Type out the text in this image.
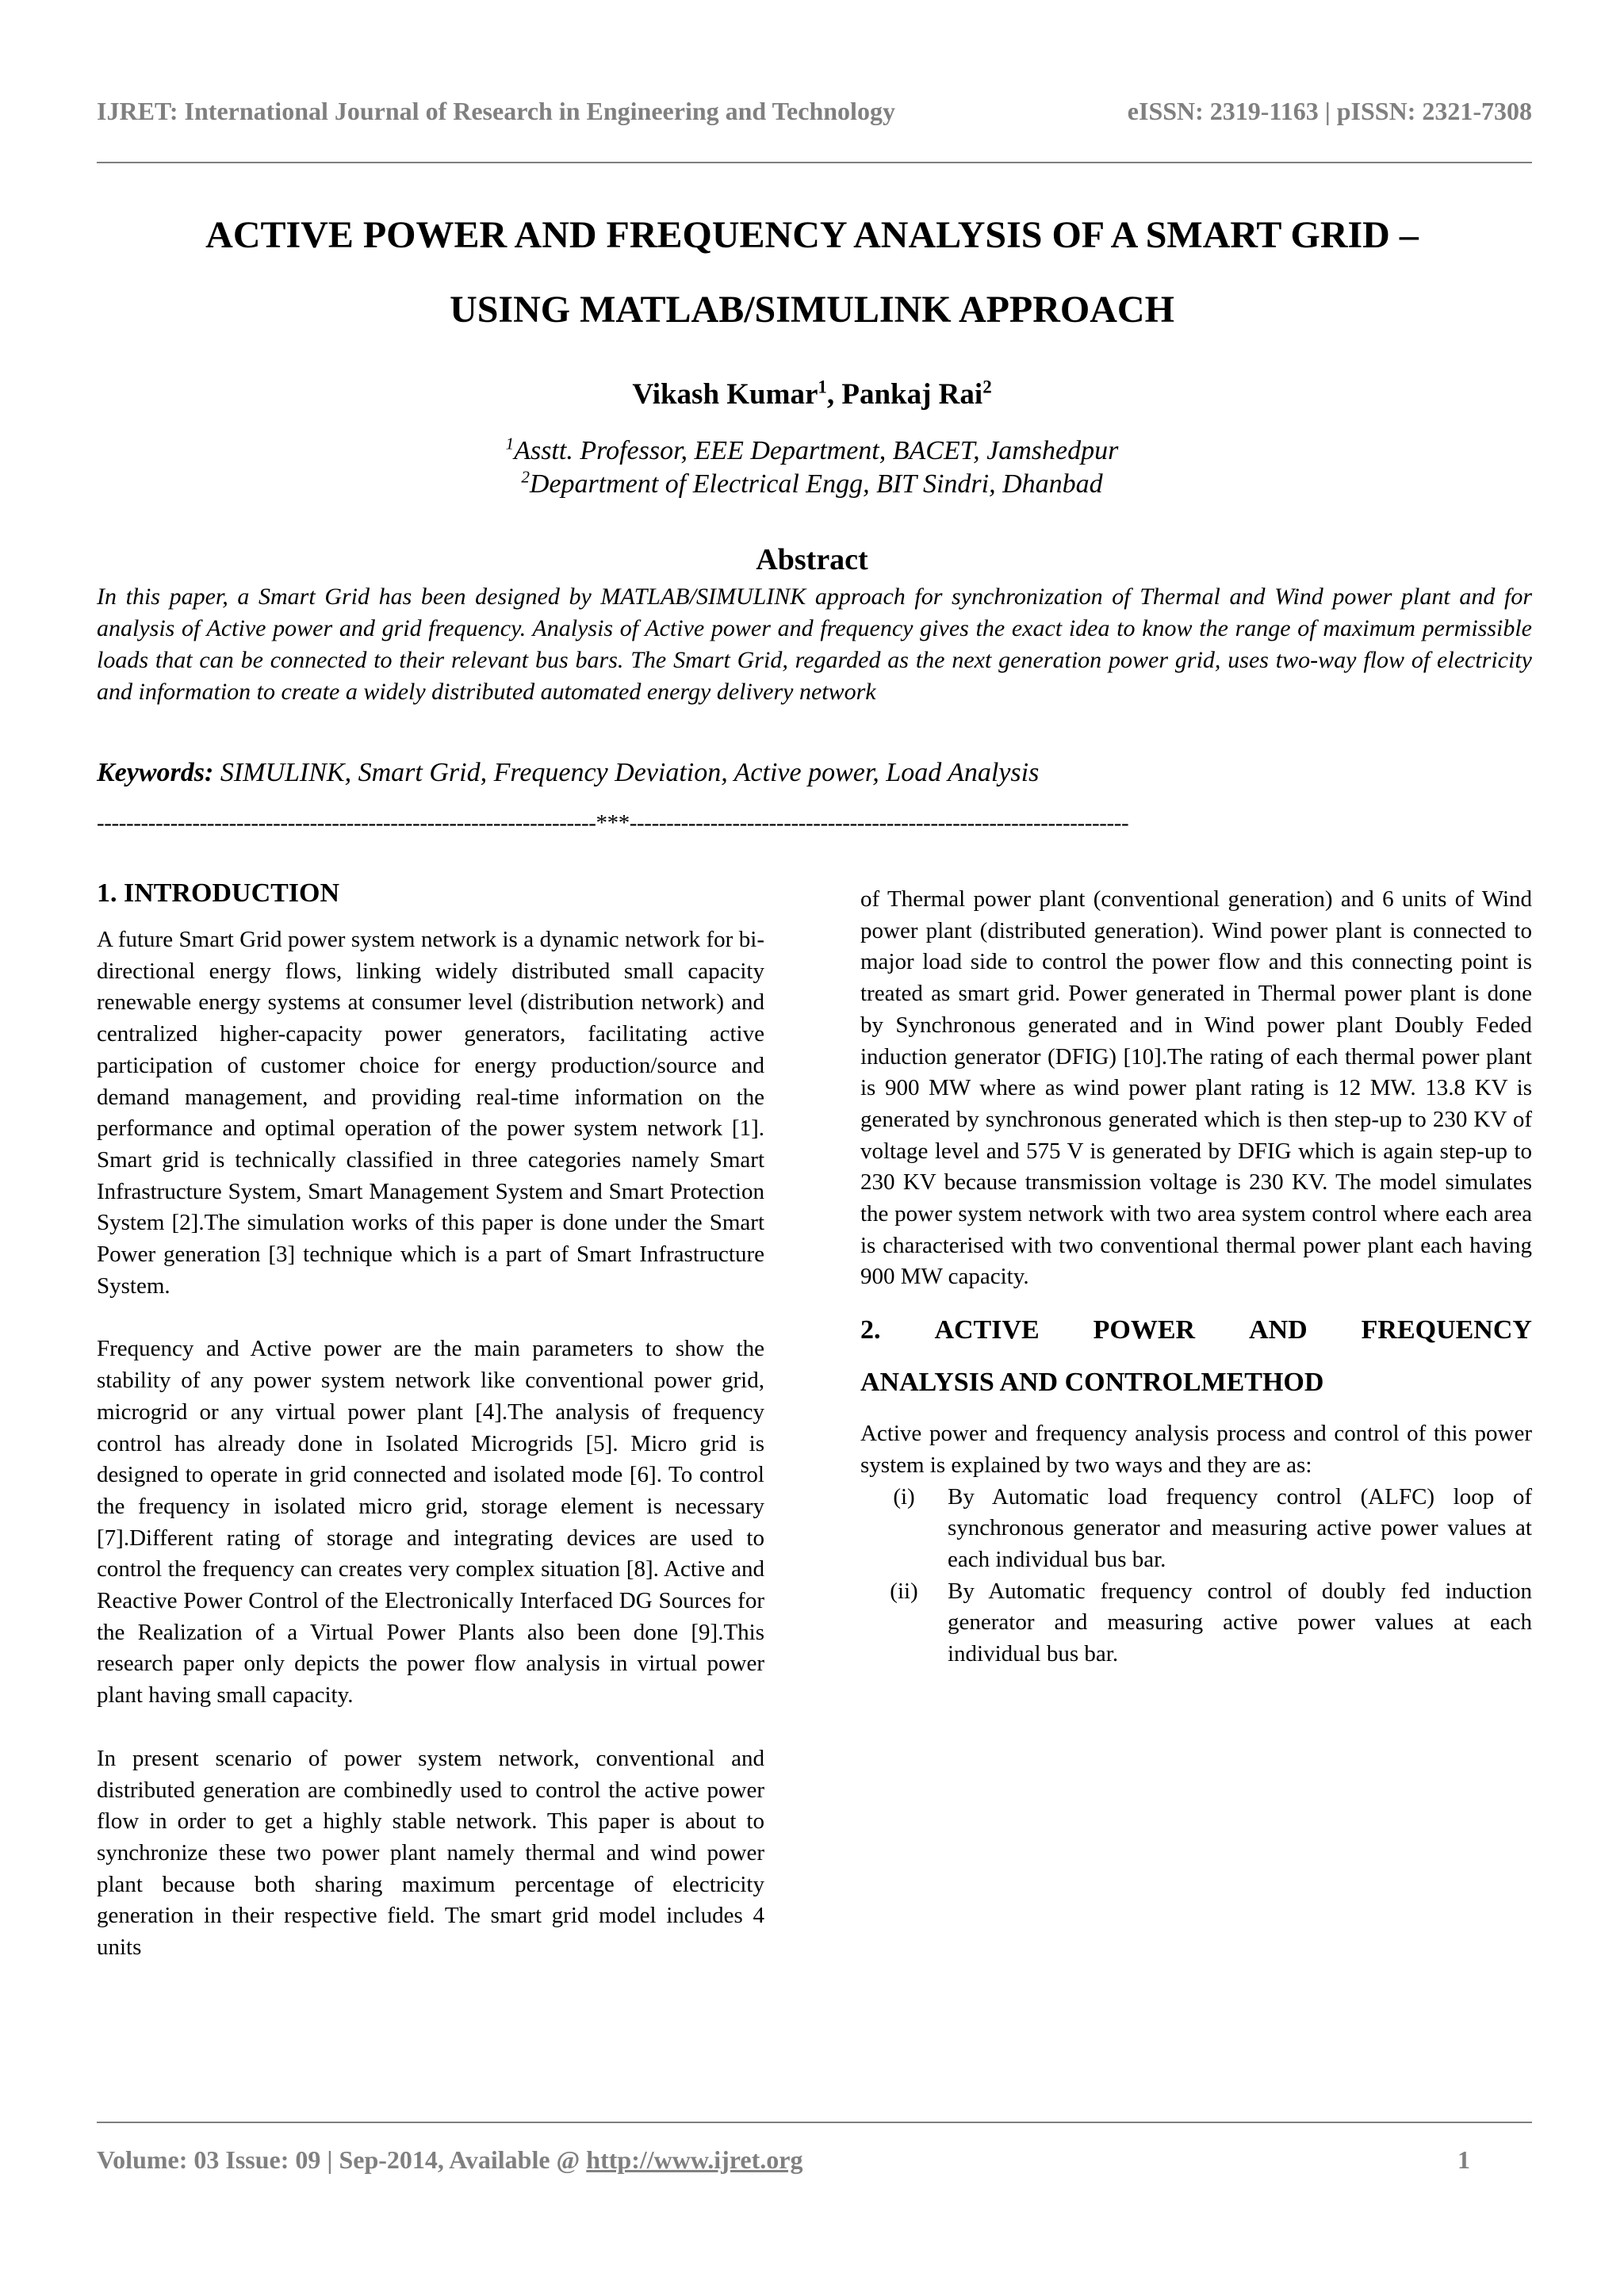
IJRET: International Journal of Research in Engineering and Technology	eISSN: 2319-1163 | pISSN: 2321-7308
ACTIVE POWER AND FREQUENCY ANALYSIS OF A SMART GRID –
USING MATLAB/SIMULINK APPROACH
Vikash Kumar$^1$, Pankaj Rai$^2$
$^1$Asstt. Professor, EEE Department, BACET, Jamshedpur
$^2$Department of Electrical Engg, BIT Sindri, Dhanbad
Abstract

In this paper, a Smart Grid has been designed by MATLAB/SIMULINK approach for synchronization of Thermal and Wind power plant and for analysis of Active power and grid frequency. Analysis of Active power and frequency gives the exact idea to know the range of maximum permissible loads that can be connected to their relevant bus bars. The Smart Grid, regarded as the next generation power grid, uses two-way flow of electricity and information to create a widely distributed automated energy delivery network

Keywords: SIMULINK, Smart Grid, Frequency Deviation, Active power, Load Analysis

--------------------------------------------------------------------***--------------------------------------------------------------------
1. INTRODUCTION

A future Smart Grid power system network is a dynamic network for bi-directional energy flows, linking widely distributed small capacity renewable energy systems at consumer level (distribution network) and centralized higher-capacity power generators, facilitating active participation of customer choice for energy production/source and demand management, and providing real-time information on the performance and optimal operation of the power system network [1]. Smart grid is technically classified in three categories namely Smart Infrastructure System, Smart Management System and Smart Protection System [2].The simulation works of this paper is done under the Smart Power generation [3] technique which is a part of Smart Infrastructure System.

Frequency and Active power are the main parameters to show the stability of any power system network like conventional power grid, microgrid or any virtual power plant [4].The analysis of frequency control has already done in Isolated Microgrids [5]. Micro grid is designed to operate in grid connected and isolated mode [6]. To control the frequency in isolated micro grid, storage element is necessary [7].Different rating of storage and integrating devices are used to control the frequency can creates very complex situation [8]. Active and Reactive Power Control of the Electronically Interfaced DG Sources for the Realization of a Virtual Power Plants also been done [9].This research paper only depicts the power flow analysis in virtual power plant having small capacity.

In present scenario of power system network, conventional and distributed generation are combinedly used to control the active power flow in order to get a highly stable network. This paper is about to synchronize these two power plant namely thermal and wind power plant because both sharing maximum percentage of electricity generation in their respective field. The smart grid model includes 4 units

of Thermal power plant (conventional generation) and 6 units of Wind power plant (distributed generation). Wind power plant is connected to major load side to control the power flow and this connecting point is treated as smart grid. Power generated in Thermal power plant is done by Synchronous generated and in Wind power plant Doubly Feded induction generator (DFIG) [10].The rating of each thermal power plant is 900 MW where as wind power plant rating is 12 MW. 13.8 KV is generated by synchronous generated which is then step-up to 230 KV of voltage level and 575 V is generated by DFIG which is again step-up to 230 KV because transmission voltage is 230 KV. The model simulates the power system network with two area system control where each area is characterised with two conventional thermal power plant each having 900 MW capacity.

2. ACTIVE POWER AND FREQUENCY
ANALYSIS AND CONTROLMETHOD

Active power and frequency analysis process and control of this power system is explained by two ways and they are as:

(i)	By Automatic load frequency control (ALFC) loop of synchronous generator and measuring active power values at each individual bus bar.
(ii)	By Automatic frequency control of doubly fed induction generator and measuring active power values at each individual bus bar.
Volume: 03 Issue: 09 | Sep-2014, Available @ http://www.ijret.org	1
